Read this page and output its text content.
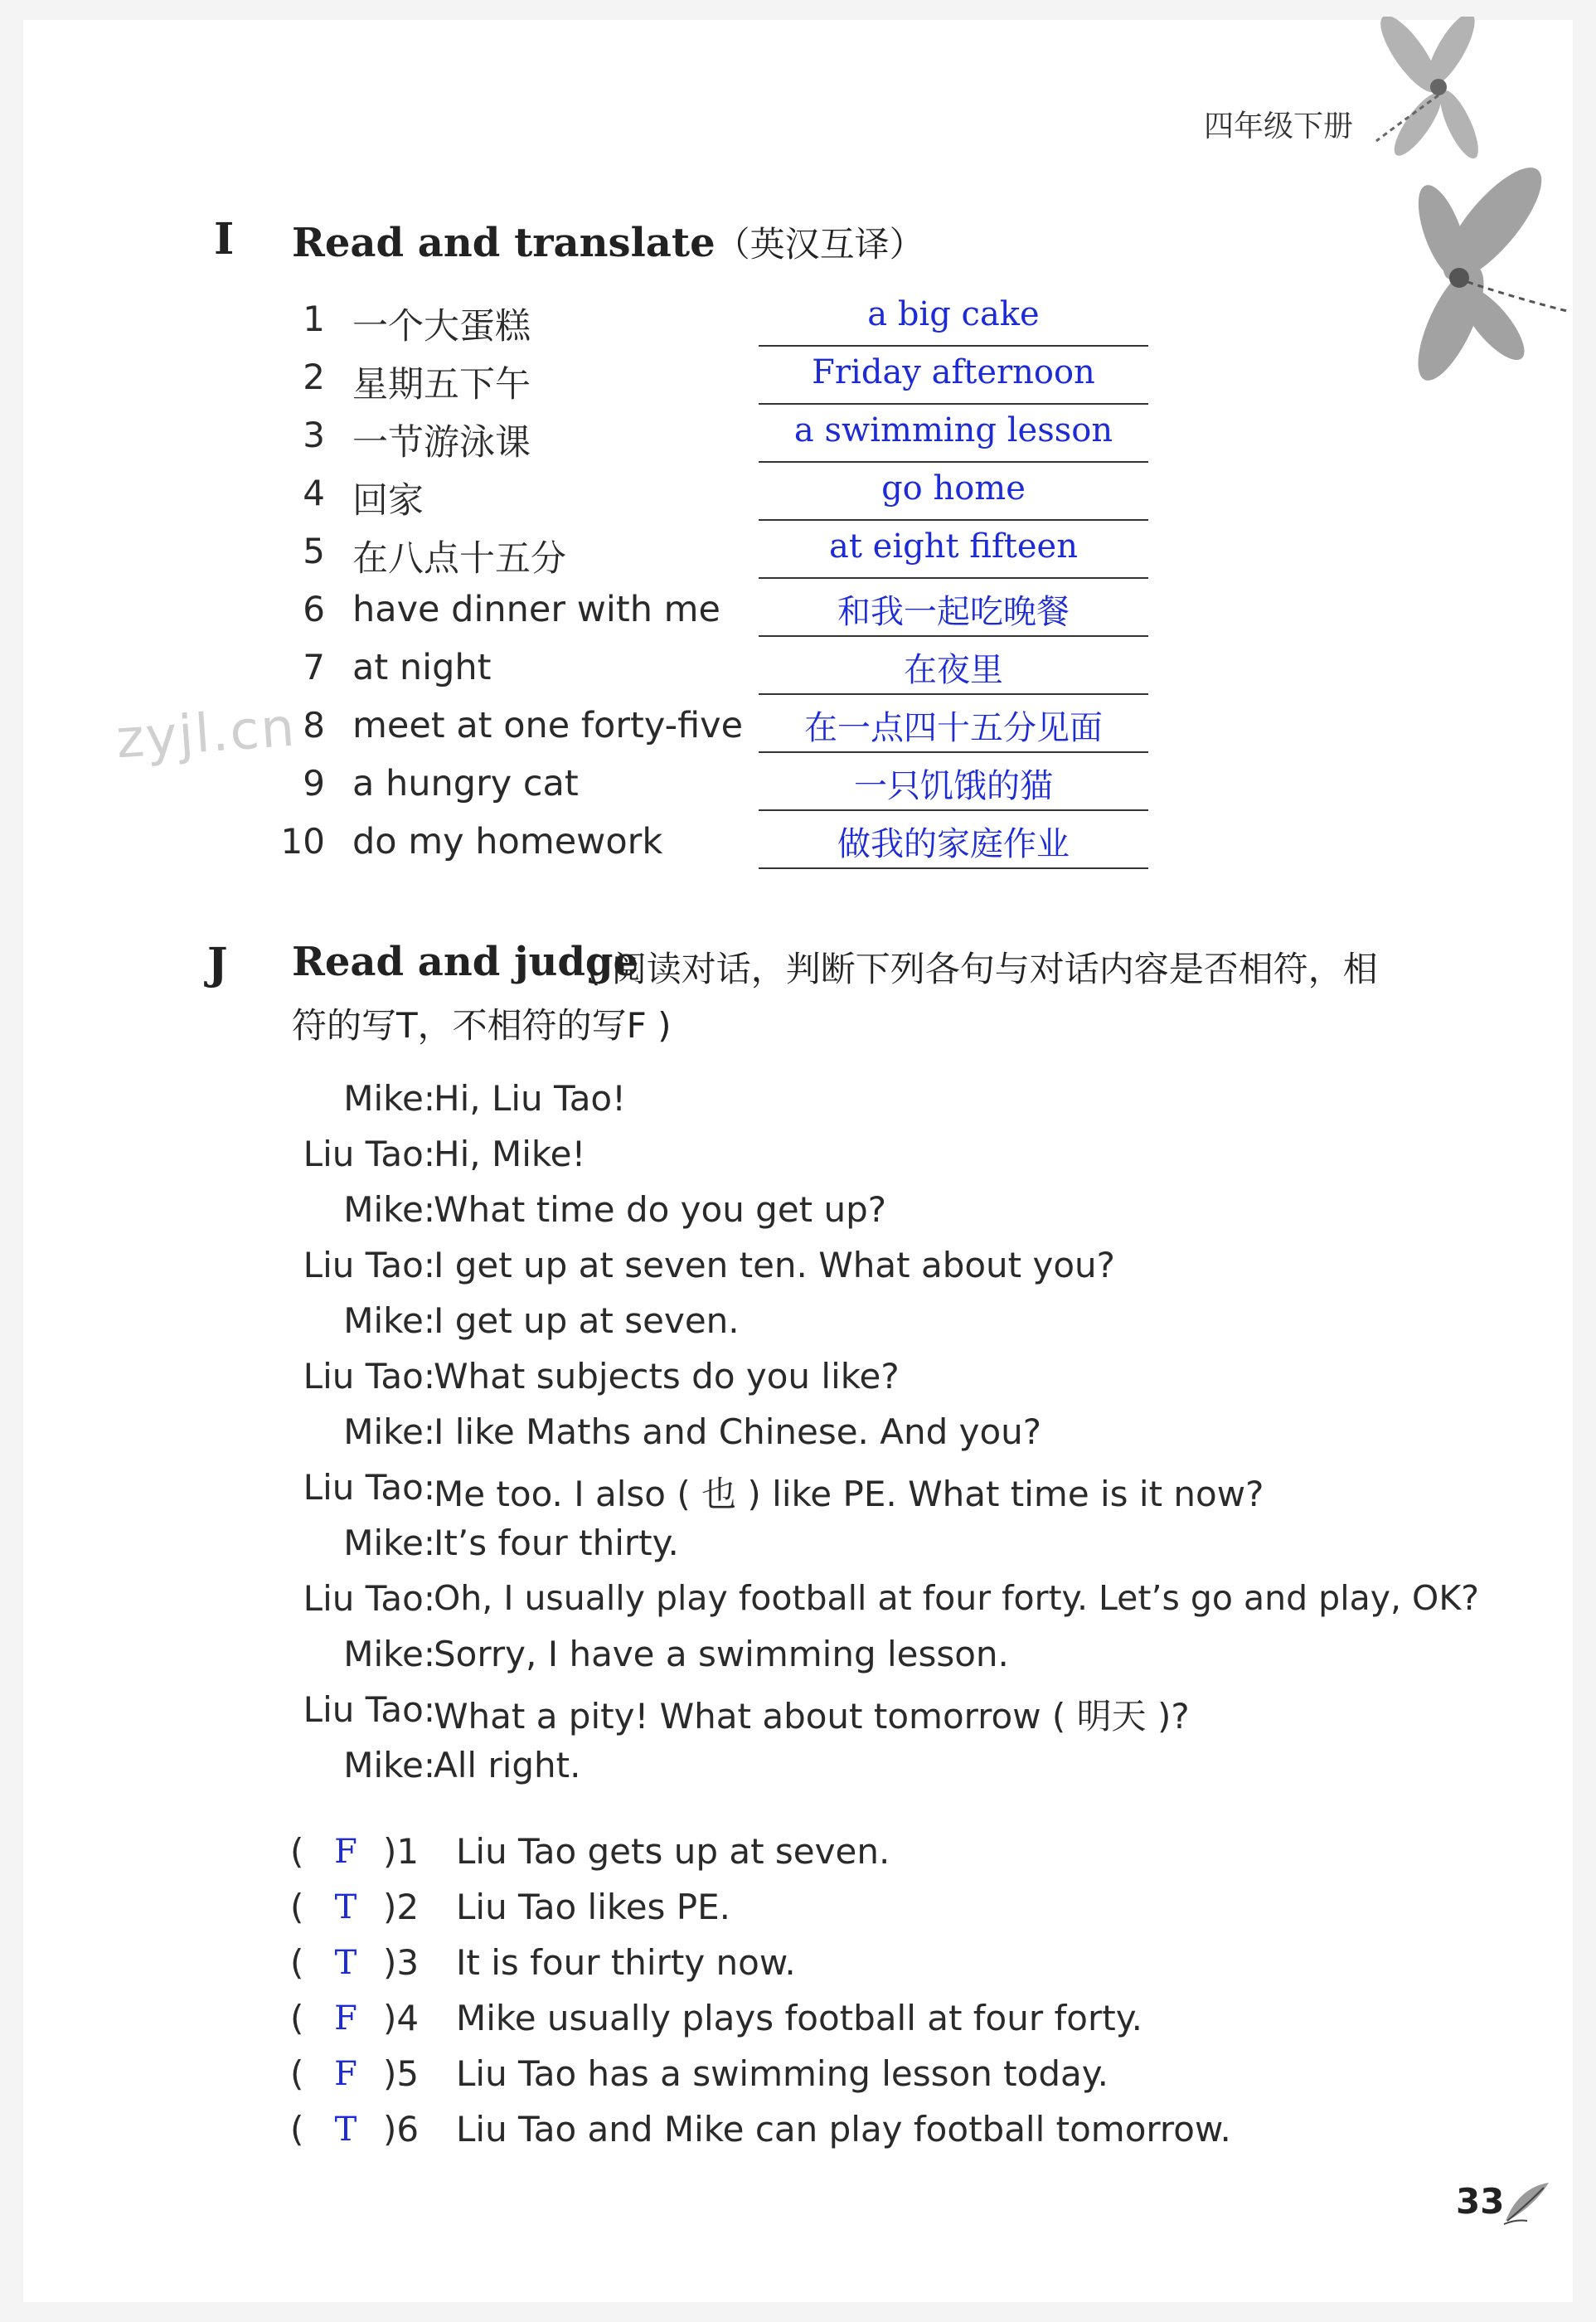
四年级下册
I Read and translate（英汉互译）
1 一个大蛋糕	a big cake
2 星期五下午	Friday afternoon
3 一节游泳课	a swimming lesson
4 回家	go home
5 在八点十五分	at eight fifteen
6 have dinner with me	和我一起吃晚餐
7 at night	在夜里
8 meet at one forty-five	在一点四十五分见面
9 a hungry cat	一只饥饿的猫
10 do my homework	做我的家庭作业
zyjl.cn
J Read and judge
( 阅读对话，判断下列各句与对话内容是否相符，相
符的写T，不相符的写F )
Mike:
Hi, Liu Tao!
Liu Tao:
Hi, Mike!
Mike:
What time do you get up?
Liu Tao:
I get up at seven ten. What about you?
Mike:
I get up at seven.
Liu Tao:
What subjects do you like?
Mike:
I like Maths and Chinese. And you?
Liu Tao:
Me too. I also ( 也 ) like PE. What time is it now?
Mike:
It’s four thirty.
Liu Tao:
Oh, I usually play football at four forty. Let’s go and play, OK?
Mike:
Sorry, I have a swimming lesson.
Liu Tao:
What a pity! What about tomorrow ( 明天 )?
Mike:
All right.
( F )1 Liu Tao gets up at seven.
( T )2 Liu Tao likes PE.
( T )3 It is four thirty now.
( F )4 Mike usually plays football at four forty.
( F )5 Liu Tao has a swimming lesson today.
( T )6 Liu Tao and Mike can play football tomorrow.
33
